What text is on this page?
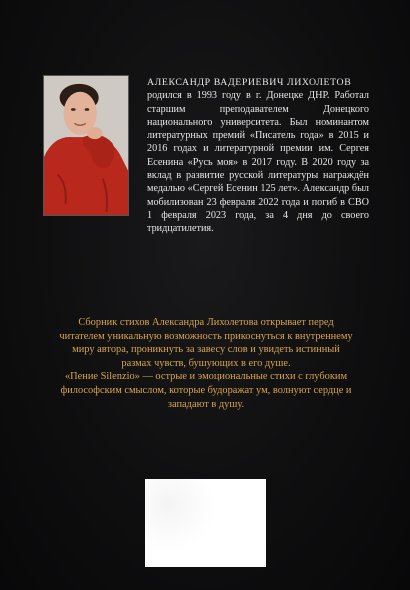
АЛЕКСАНДР ВАДЕРИЕВИЧ ЛИХОЛЕТОВ
родился в 1993 году в г. Донецке ДНР. Работал старшим преподавателем Донецкого национального университета. Был номинантом литературных премий «Писатель года» в 2015 и 2016 годах и литературной премии им. Сергея Есенина «Русь моя» в 2017 году. В 2020 году за вклад в развитие русской литературы награждён медалью «Сергей Есенин 125 лет». Александр был мобилизован 23 февраля 2022 года и погиб в СВО 1 февраля 2023 года, за 4 дня до своего тридцатилетия.

Сборник стихов Александра Лихолетова открывает перед читателем уникальную возможность прикоснуться к внутреннему миру автора, проникнуть за завесу слов и увидеть истинный размах чувств, бушующих в его душе.

«Пение Silenzio» — острые и эмоциональные стихи с глубоким философским смыслом, которые будоражат ум, волнуют сердце и западают в душу.
